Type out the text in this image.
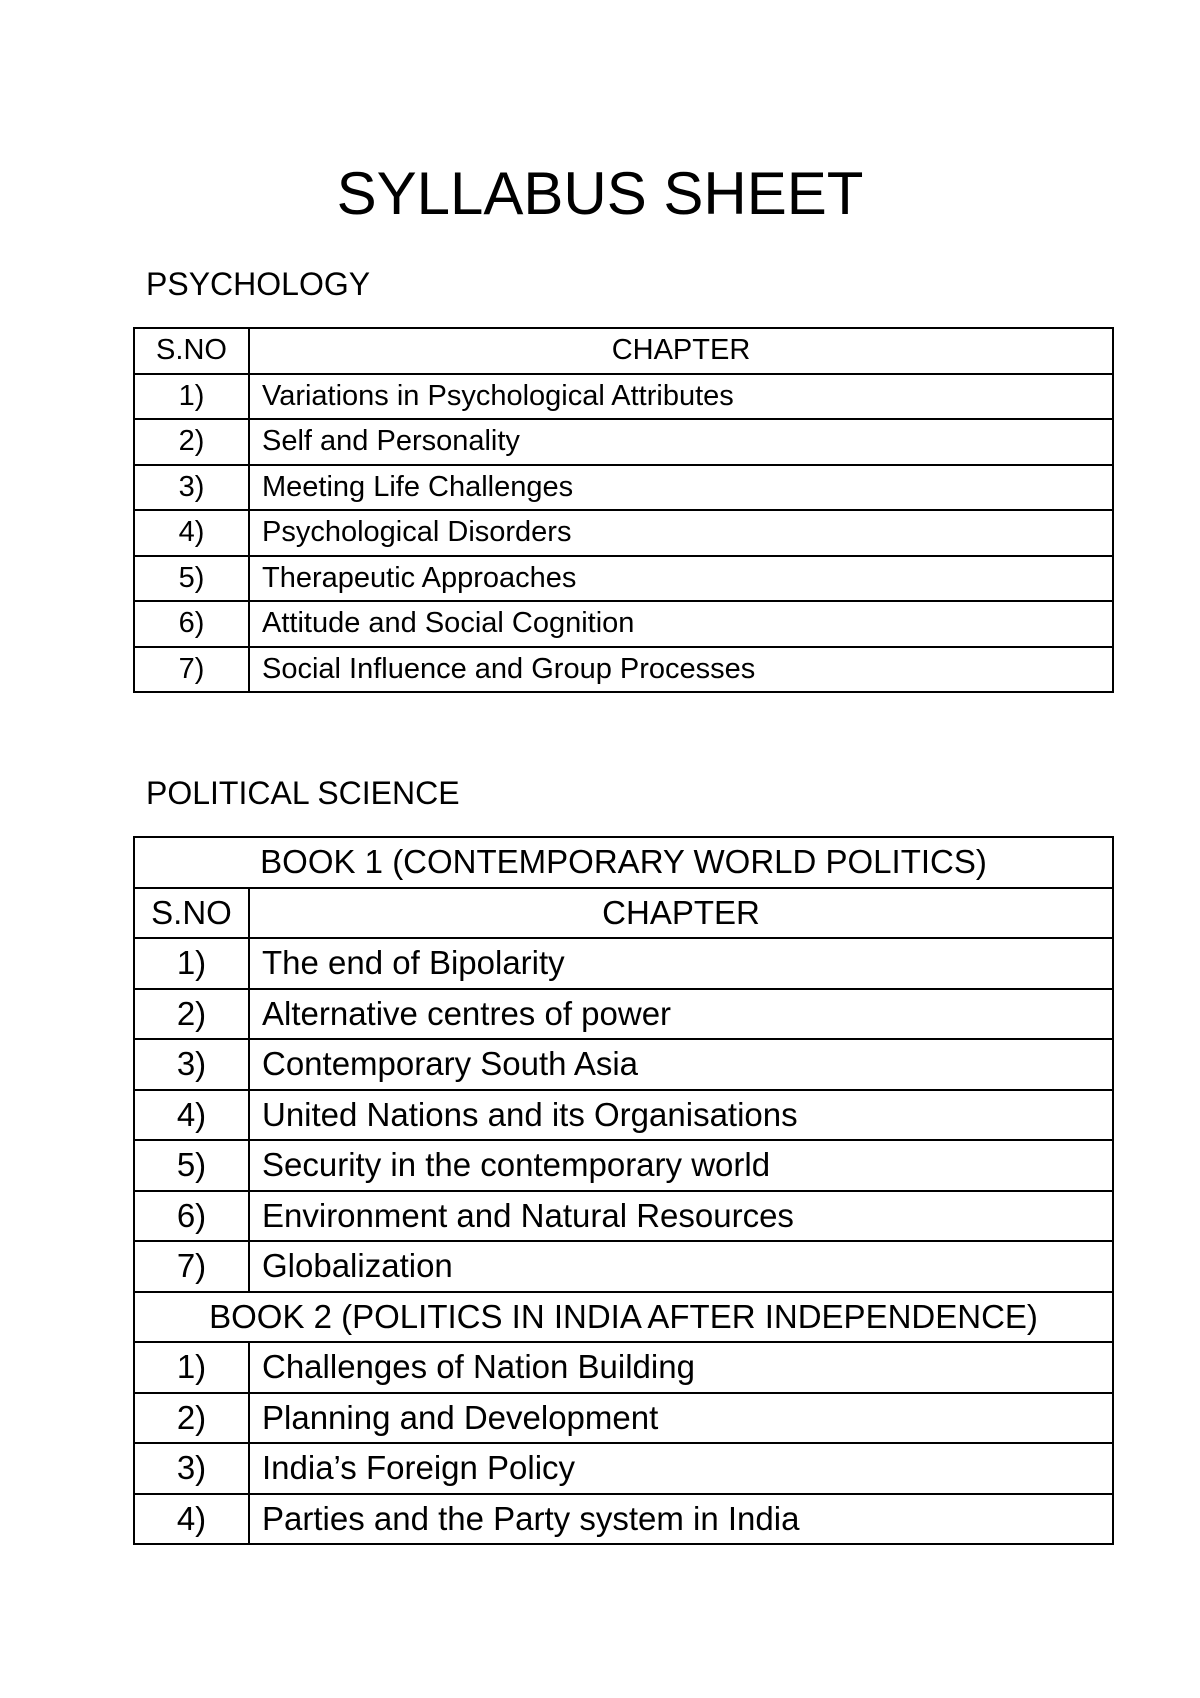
SYLLABUS SHEET
PSYCHOLOGY
S.NO	CHAPTER
1)	Variations in Psychological Attributes
2)	Self and Personality
3)	Meeting Life Challenges
4)	Psychological Disorders
5)	Therapeutic Approaches
6)	Attitude and Social Cognition
7)	Social Influence and Group Processes
POLITICAL SCIENCE
BOOK 1 (CONTEMPORARY WORLD POLITICS)	
S.NO	CHAPTER
1)	The end of Bipolarity
2)	Alternative centres of power
3)	Contemporary South Asia
4)	United Nations and its Organisations
5)	Security in the contemporary world
6)	Environment and Natural Resources
7)	Globalization
BOOK 2 (POLITICS IN INDIA AFTER INDEPENDENCE)	
1)	Challenges of Nation Building
2)	Planning and Development
3)	India’s Foreign Policy
4)	Parties and the Party system in India
